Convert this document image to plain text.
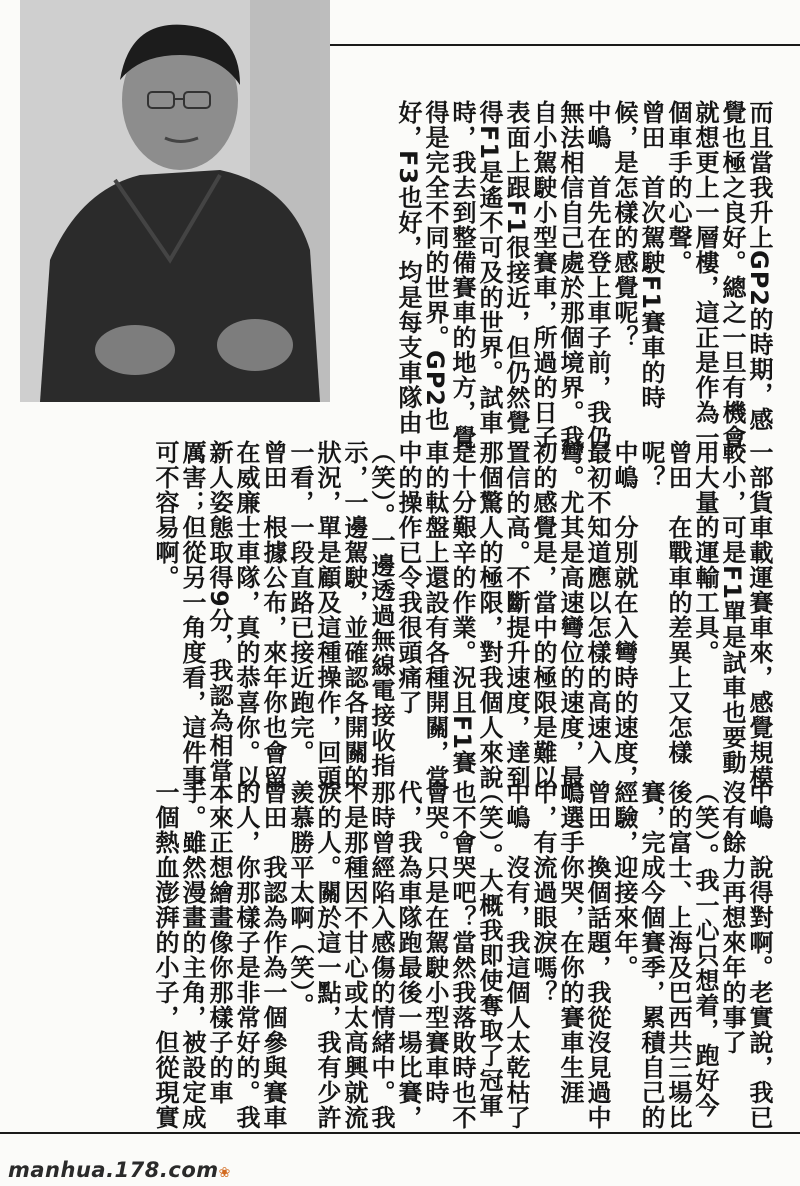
而且當我升上GP2的時期，感
覺也極之良好。總之一旦有機會
就想更上一層樓，這正是作為一
個車手的心聲。
曾田　首次駕駛F1賽車的時
候，是怎樣的感覺呢？
中嶋　首先在登上車子前，我仍
無法相信自己處於那個境界。我
自小駕駛小型賽車，所過的日子
表面上跟F1很接近，但仍然覺
得F1是遙不可及的世界。試車
時，我去到整備賽車的地方，覺
得是完全不同的世界。GP2也
好，F3也好，均是每支車隊由
一部貨車載運賽車來，感覺規模
較小，可是F1單是試車也要動
用大量的運輸工具。
曾田　在戰車的差異上又怎樣
呢？
中嶋　分別就在入彎時的速度，
最初不知道應以怎樣的高速入
彎。尤其是高速彎位的速度，最
初的感覺是，當中的極限是難以
置信的高。不斷提升速度，達到
那個驚人的極限，對我個人來說
是十分艱辛的作業。況且F1賽
車的軚盤上還設有各種開關，當
中的操作已令我很頭痛了
（笑）。一邊透過無線電接收指
示，一邊駕駛，並確認各開關的
狀況，單是顧及這種操作，回頭
一看，一段直路已接近跑完。
曾田　根據公布，來年你也會留
在威廉士車隊，真的恭喜你。以
新人姿態取得9分，我認為相當
厲害；但從另一角度看，這件事
可不容易啊。
中嶋　說得對啊。老實說，我已
沒有餘力再想來年的事了
（笑）。我一心只想着，跑好今
後的富士、上海及巴西共三場比
賽，完成今個賽季，累積自己的
經驗，迎接來年。
曾田　換個話題，我從沒見過中
嶋選手你哭，在你的賽車生涯
中，有流過眼淚嗎？
中嶋　沒有，我這個人太乾枯了
（笑）。大概我即使奪取了冠軍
也不會哭吧？當然我落敗時也不
會哭。只是在駕駛小型賽車時
代，我為車隊跑最後一場比賽，
那時曾經陷入感傷的情緒中。我
不是那種因不甘心或太高興就流
淚的人。關於這一點，我有少許
羨慕勝平太啊（笑）。
曾田　我認為作為一個參與賽車
的人，你那樣子是非常好的。我
本來正想繪畫像你那樣子的車
手。雖然漫畫的主角，被設定成
一個熱血澎湃的小子，但從現實
manhua.178.com❀
